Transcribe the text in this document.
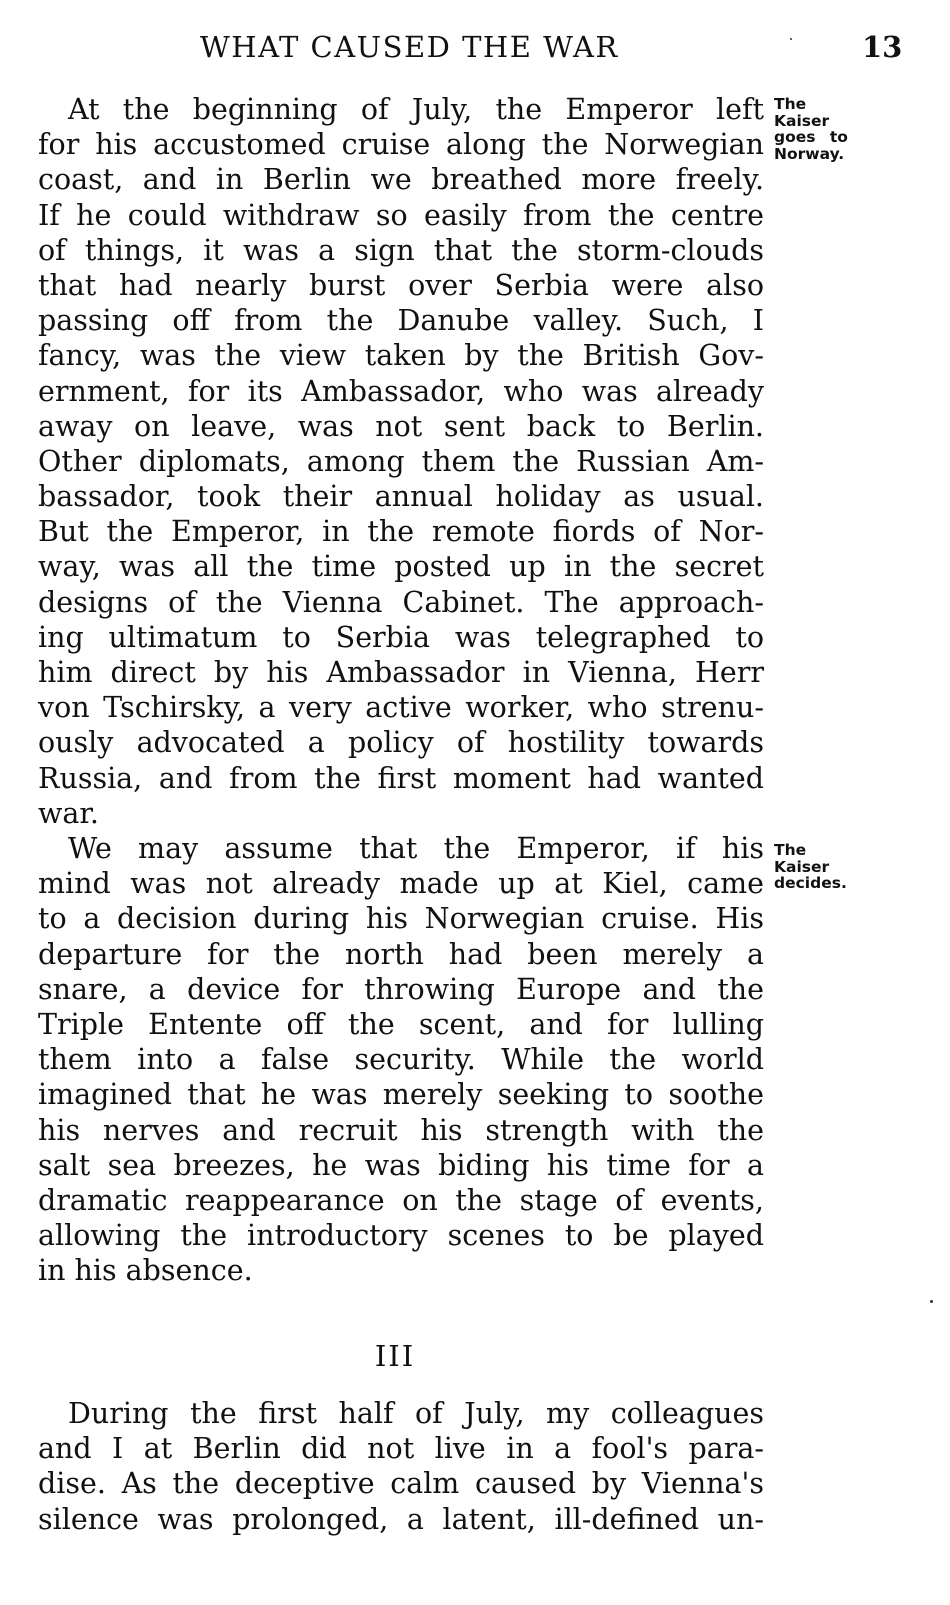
WHAT CAUSED THE WAR	13
At the beginning of July, the Emperor left
for his accustomed cruise along the Norwegian
coast, and in Berlin we breathed more freely.
If he could withdraw so easily from the centre
of things, it was a sign that the storm-clouds
that had nearly burst over Serbia were also
passing off from the Danube valley. Such, I
fancy, was the view taken by the British Gov-
ernment, for its Ambassador, who was already
away on leave, was not sent back to Berlin.
Other diplomats, among them the Russian Am-
bassador, took their annual holiday as usual.
But the Emperor, in the remote fiords of Nor-
way, was all the time posted up in the secret
designs of the Vienna Cabinet. The approach-
ing ultimatum to Serbia was telegraphed to
him direct by his Ambassador in Vienna, Herr
von Tschirsky, a very active worker, who strenu-
ously advocated a policy of hostility towards
Russia, and from the first moment had wanted
war.
We may assume that the Emperor, if his
mind was not already made up at Kiel, came
to a decision during his Norwegian cruise. His
departure for the north had been merely a
snare, a device for throwing Europe and the
Triple Entente off the scent, and for lulling
them into a false security. While the world
imagined that he was merely seeking to soothe
his nerves and recruit his strength with the
salt sea breezes, he was biding his time for a
dramatic reappearance on the stage of events,
allowing the introductory scenes to be played
in his absence.
The
Kaiser
goes to
Norway.
The
Kaiser
decides.
III
During the first half of July, my colleagues
and I at Berlin did not live in a fool's para-
dise. As the deceptive calm caused by Vienna's
silence was prolonged, a latent, ill-defined un-
